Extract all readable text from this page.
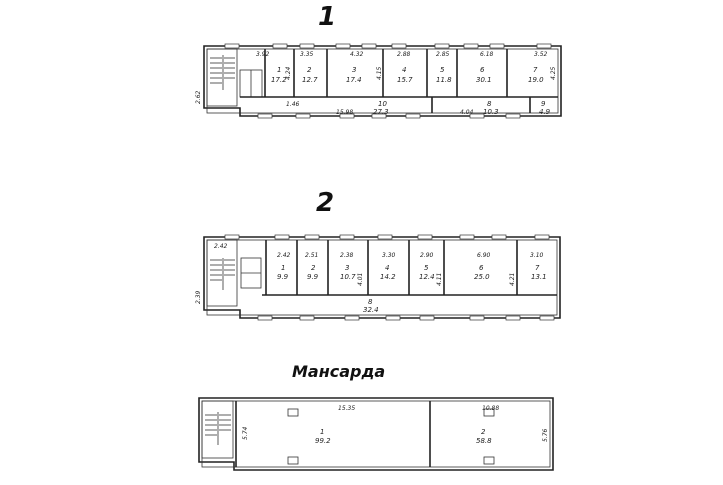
1
2
Мансарда
3.92	3.35	4.32	2.88	2.85	6.18	3.52
1
17.2
2
12.7
3
17.4
4
15.7
5
11.8
6
30.1
7
19.0
10
27.3
15.98
8
10.3
4.04
9
4.9
4.24	4.15	4.25
1.46
2.62
2.42
2.42 2.51	2.38	3.30	2.90	6.90	3.10
1
9.9
2
9.9
3
10.7
4
14.2
5
12.4
6
25.0
7
13.1
8
32.4
4.01	4.11	4.21
2.39
15.35	10.88
1
99.2
2
58.8
5.74	5.76
